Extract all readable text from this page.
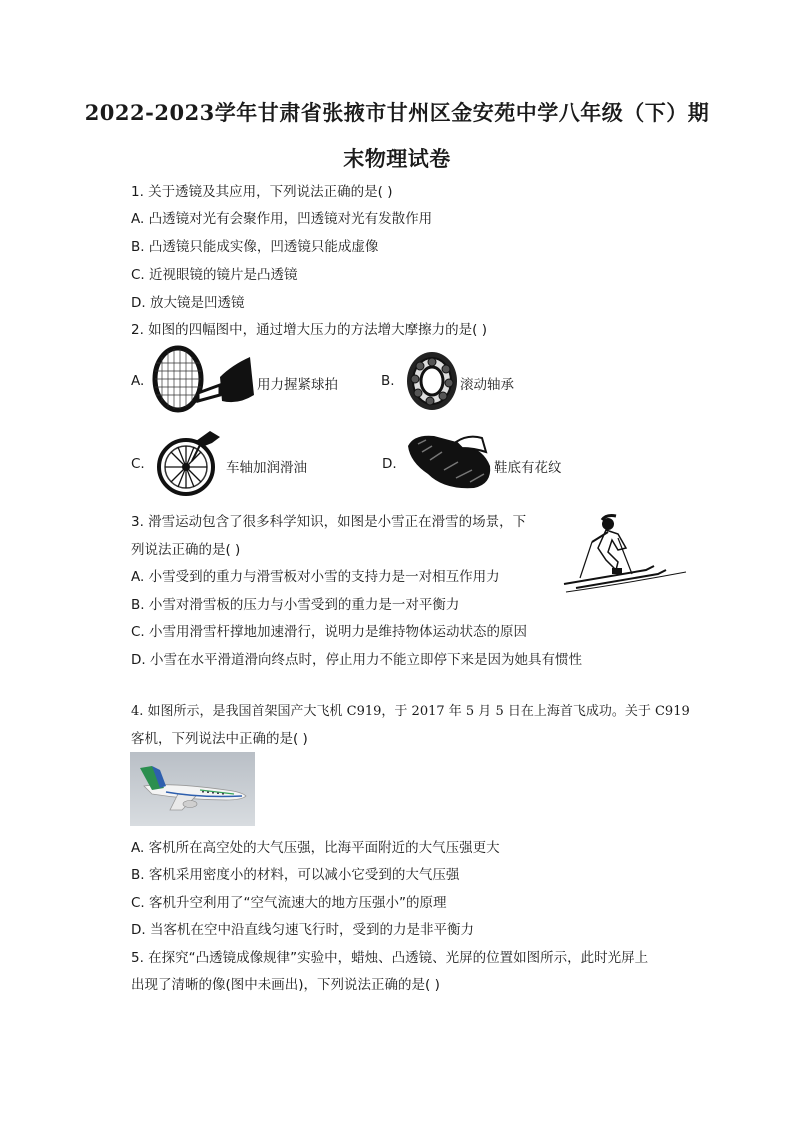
2022-2023学年甘肃省张掖市甘州区金安苑中学八年级（下）期
末物理试卷
1. 关于透镜及其应用，下列说法正确的是( )
A. 凸透镜对光有会聚作用，凹透镜对光有发散作用
B. 凸透镜只能成实像，凹透镜只能成虚像
C. 近视眼镜的镜片是凸透镜
D. 放大镜是凹透镜
2. 如图的四幅图中，通过增大压力的方法增大摩擦力的是( )
A.	用力握紧球拍	B.	滚动轴承
C.	车轴加润滑油	D.	鞋底有花纹
3. 滑雪运动包含了很多科学知识，如图是小雪正在滑雪的场景，下
列说法正确的是( )
A. 小雪受到的重力与滑雪板对小雪的支持力是一对相互作用力
B. 小雪对滑雪板的压力与小雪受到的重力是一对平衡力
C. 小雪用滑雪杆撑地加速滑行，说明力是维持物体运动状态的原因
D. 小雪在水平滑道滑向终点时，停止用力不能立即停下来是因为她具有惯性
4. 如图所示，是我国首架国产大飞机 C919，于 2017 年 5 月 5 日在上海首飞成功。关于 C919
客机，下列说法中正确的是( )
A. 客机所在高空处的大气压强，比海平面附近的大气压强更大
B. 客机采用密度小的材料，可以减小它受到的大气压强
C. 客机升空利用了“空气流速大的地方压强小”的原理
D. 当客机在空中沿直线匀速飞行时，受到的力是非平衡力
5. 在探究“凸透镜成像规律”实验中，蜡烛、凸透镜、光屏的位置如图所示，此时光屏上
出现了清晰的像(图中未画出)，下列说法正确的是( )
